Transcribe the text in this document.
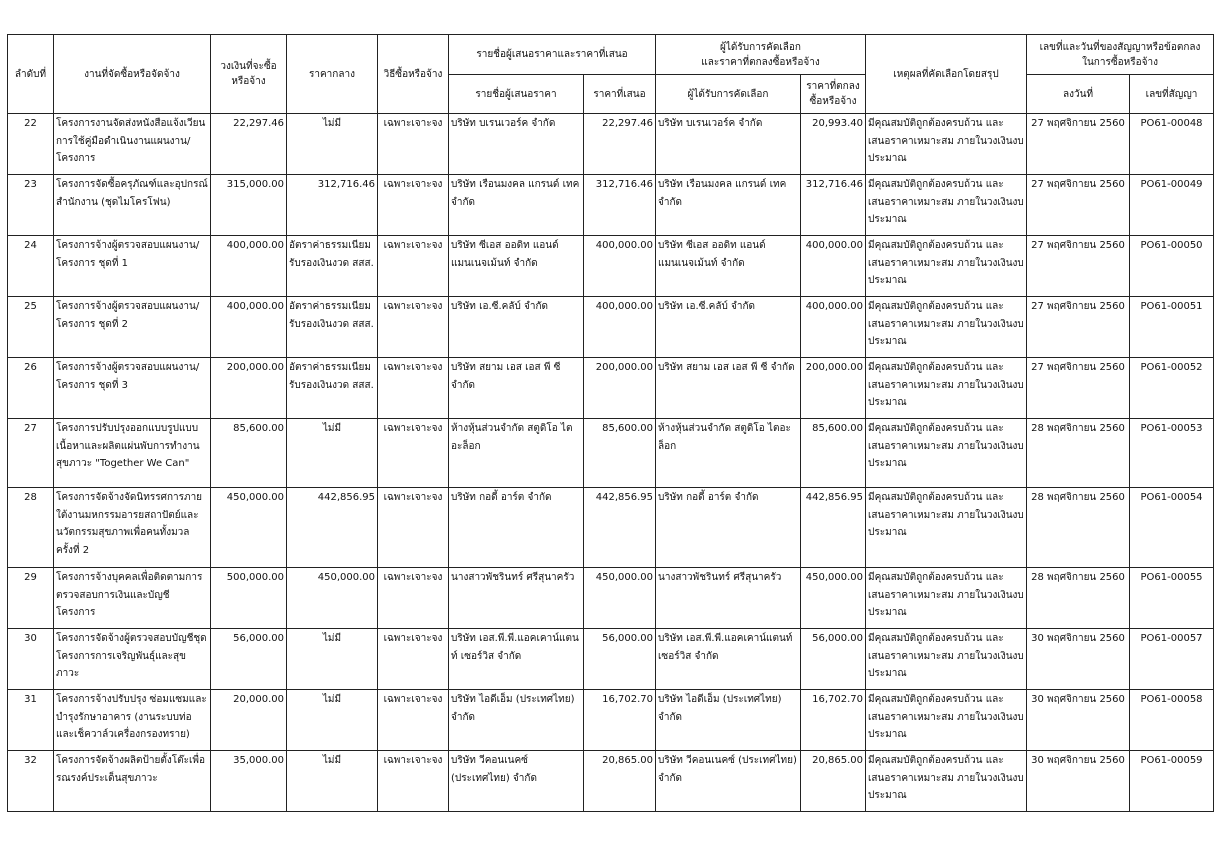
ลำดับที่	งานที่จัดซื้อหรือจัดจ้าง	วงเงินที่จะซื้อหรือจ้าง	ราคากลาง	วิธีซื้อหรือจ้าง	รายชื่อผู้เสนอราคาและราคาที่เสนอ		ผู้ได้รับการคัดเลือก
และราคาที่ตกลงซื้อหรือจ้าง		เหตุผลที่คัดเลือกโดยสรุป	เลขที่และวันที่ของสัญญาหรือข้อตกลง
ในการซื้อหรือจ้าง	
					รายชื่อผู้เสนอราคา	ราคาที่เสนอ	ผู้ได้รับการคัดเลือก	ราคาที่ตกลงซื้อหรือจ้าง		ลงวันที่	เลขที่สัญญา
22	โครงการงานจัดส่งหนังสือแจ้งเวียนการใช้คู่มือดำเนินงานแผนงาน/โครงการ	22,297.46	ไม่มี	เฉพาะเจาะจง	บริษัท บเรนเวอร์ค จำกัด	22,297.46	บริษัท บเรนเวอร์ค จำกัด	20,993.40	มีคุณสมบัติถูกต้องครบถ้วน และเสนอราคาเหมาะสม ภายในวงเงินงบประมาณ	27 พฤศจิกายน 2560	PO61-00048
23	โครงการจัดซื้อครุภัณฑ์และอุปกรณ์สำนักงาน (ชุดไมโครโฟน)	315,000.00	312,716.46	เฉพาะเจาะจง	บริษัท เรือนมงคล แกรนด์ เทค จำกัด	312,716.46	บริษัท เรือนมงคล แกรนด์ เทค จำกัด	312,716.46	มีคุณสมบัติถูกต้องครบถ้วน และเสนอราคาเหมาะสม ภายในวงเงินงบประมาณ	27 พฤศจิกายน 2560	PO61-00049
24	โครงการจ้างผู้ตรวจสอบแผนงาน/โครงการ ชุดที่ 1	400,000.00	อัตราค่าธรรมเนียมรับรองเงินงวด สสส.	เฉพาะเจาะจง	บริษัท ซีเอส ออดิท แอนด์ แมนเนจเม้นท์ จำกัด	400,000.00	บริษัท ซีเอส ออดิท แอนด์ แมนเนจเม้นท์ จำกัด	400,000.00	มีคุณสมบัติถูกต้องครบถ้วน และเสนอราคาเหมาะสม ภายในวงเงินงบประมาณ	27 พฤศจิกายน 2560	PO61-00050
25	โครงการจ้างผู้ตรวจสอบแผนงาน/โครงการ ชุดที่ 2	400,000.00	อัตราค่าธรรมเนียมรับรองเงินงวด สสส.	เฉพาะเจาะจง	บริษัท เอ.ซี.คลับ์ จำกัด	400,000.00	บริษัท เอ.ซี.คลับ์ จำกัด	400,000.00	มีคุณสมบัติถูกต้องครบถ้วน และเสนอราคาเหมาะสม ภายในวงเงินงบประมาณ	27 พฤศจิกายน 2560	PO61-00051
26	โครงการจ้างผู้ตรวจสอบแผนงาน/โครงการ ชุดที่ 3	200,000.00	อัตราค่าธรรมเนียมรับรองเงินงวด สสส.	เฉพาะเจาะจง	บริษัท สยาม เอส เอส พี ซี จำกัด	200,000.00	บริษัท สยาม เอส เอส พี ซี จำกัด	200,000.00	มีคุณสมบัติถูกต้องครบถ้วน และเสนอราคาเหมาะสม ภายในวงเงินงบประมาณ	27 พฤศจิกายน 2560	PO61-00052
27	โครงการปรับปรุงออกแบบรูปแบบเนื้อหาและผลิตแผ่นพับการทำงานสุขภาวะ "Together We Can"	85,600.00	ไม่มี	เฉพาะเจาะจง	ห้างหุ้นส่วนจำกัด สตูดิโอ ไตอะล็อก	85,600.00	ห้างหุ้นส่วนจำกัด สตูดิโอ ไตอะล็อก	85,600.00	มีคุณสมบัติถูกต้องครบถ้วน และเสนอราคาเหมาะสม ภายในวงเงินงบประมาณ	28 พฤศจิกายน 2560	PO61-00053
28	โครงการจัดจ้างจัดนิทรรศการภายใต้งานมหกรรมอารยสถาปัตย์และนวัตกรรมสุขภาพเพื่อคนทั้งมวล ครั้งที่ 2	450,000.00	442,856.95	เฉพาะเจาะจง	บริษัท กอดี้ อาร์ต จำกัด	442,856.95	บริษัท กอดี้ อาร์ต จำกัด	442,856.95	มีคุณสมบัติถูกต้องครบถ้วน และเสนอราคาเหมาะสม ภายในวงเงินงบประมาณ	28 พฤศจิกายน 2560	PO61-00054
29	โครงการจ้างบุคคลเพื่อติดตามการตรวจสอบการเงินและบัญชีโครงการ	500,000.00	450,000.00	เฉพาะเจาะจง	นางสาวพัชรินทร์ ศรีสุนาครัว	450,000.00	นางสาวพัชรินทร์ ศรีสุนาครัว	450,000.00	มีคุณสมบัติถูกต้องครบถ้วน และเสนอราคาเหมาะสม ภายในวงเงินงบประมาณ	28 พฤศจิกายน 2560	PO61-00055
30	โครงการจัดจ้างผู้ตรวจสอบบัญชีชุดโครงการการเจริญพันธุ์และสุขภาวะ	56,000.00	ไม่มี	เฉพาะเจาะจง	บริษัท เอส.พี.พี.แอคเคาน์แตนท์ เซอร์วิส จำกัด	56,000.00	บริษัท เอส.พี.พี.แอคเคาน์แตนท์ เซอร์วิส จำกัด	56,000.00	มีคุณสมบัติถูกต้องครบถ้วน และเสนอราคาเหมาะสม ภายในวงเงินงบประมาณ	30 พฤศจิกายน 2560	PO61-00057
31	โครงการจ้างปรับปรุง ซ่อมแซมและบำรุงรักษาอาคาร (งานระบบท่อและเช็ควาล์วเครื่องกรองทราย)	20,000.00	ไม่มี	เฉพาะเจาะจง	บริษัท ไอดีเอ็ม (ประเทศไทย) จำกัด	16,702.70	บริษัท ไอดีเอ็ม (ประเทศไทย) จำกัด	16,702.70	มีคุณสมบัติถูกต้องครบถ้วน และเสนอราคาเหมาะสม ภายในวงเงินงบประมาณ	30 พฤศจิกายน 2560	PO61-00058
32	โครงการจัดจ้างผลิตป้ายตั้งโต๊ะเพื่อรณรงค์ประเด็นสุขภาวะ	35,000.00	ไม่มี	เฉพาะเจาะจง	บริษัท วีคอนเนคซ์ (ประเทศไทย) จำกัด	20,865.00	บริษัท วีคอนเนคซ์ (ประเทศไทย) จำกัด	20,865.00	มีคุณสมบัติถูกต้องครบถ้วน และเสนอราคาเหมาะสม ภายในวงเงินงบประมาณ	30 พฤศจิกายน 2560	PO61-00059
